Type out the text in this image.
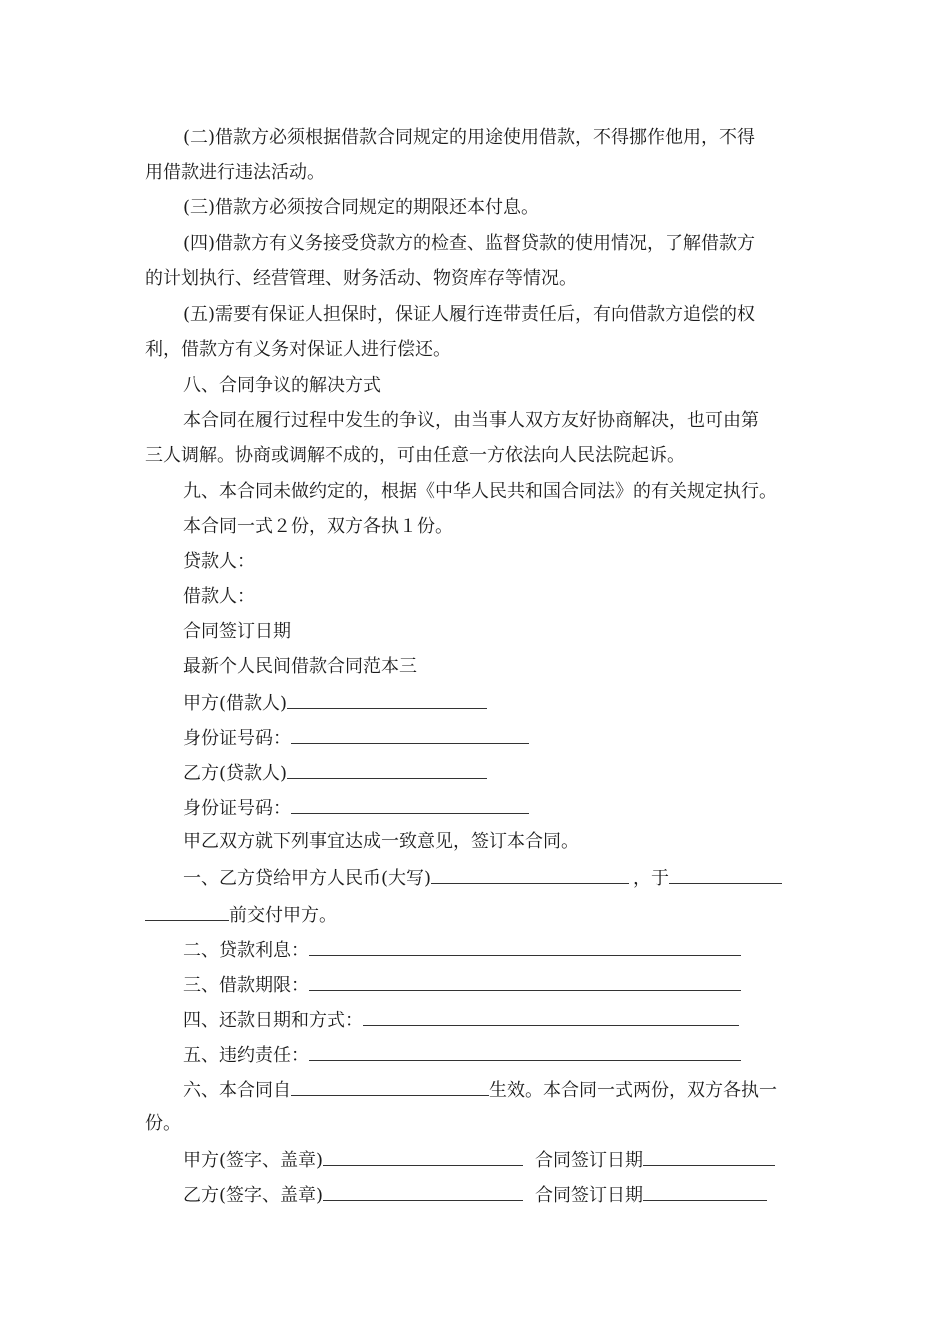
(二)借款方必须根据借款合同规定的用途使用借款，不得挪作他用，不得
用借款进行违法活动。
(三)借款方必须按合同规定的期限还本付息。
(四)借款方有义务接受贷款方的检查、监督贷款的使用情况，了解借款方
的计划执行、经营管理、财务活动、物资库存等情况。
(五)需要有保证人担保时，保证人履行连带责任后，有向借款方追偿的权
利，借款方有义务对保证人进行偿还。
八、合同争议的解决方式
本合同在履行过程中发生的争议，由当事人双方友好协商解决，也可由第
三人调解。协商或调解不成的，可由任意一方依法向人民法院起诉。
九、本合同未做约定的，根据《中华人民共和国合同法》的有关规定执行。
本合同一式２份，双方各执１份。
贷款人：
借款人：
合同签订日期
最新个人民间借款合同范本三
甲方(借款人)
身份证号码：
乙方(贷款人)
身份证号码：
甲乙双方就下列事宜达成一致意见，签订本合同。
一、乙方贷给甲方人民币(大写)	，于
前交付甲方。
二、贷款利息：
三、借款期限：
四、还款日期和方式：
五、违约责任：
六、本合同自	生效。本合同一式两份，双方各执一
份。
甲方(签字、盖章)	合同签订日期
乙方(签字、盖章)	合同签订日期
